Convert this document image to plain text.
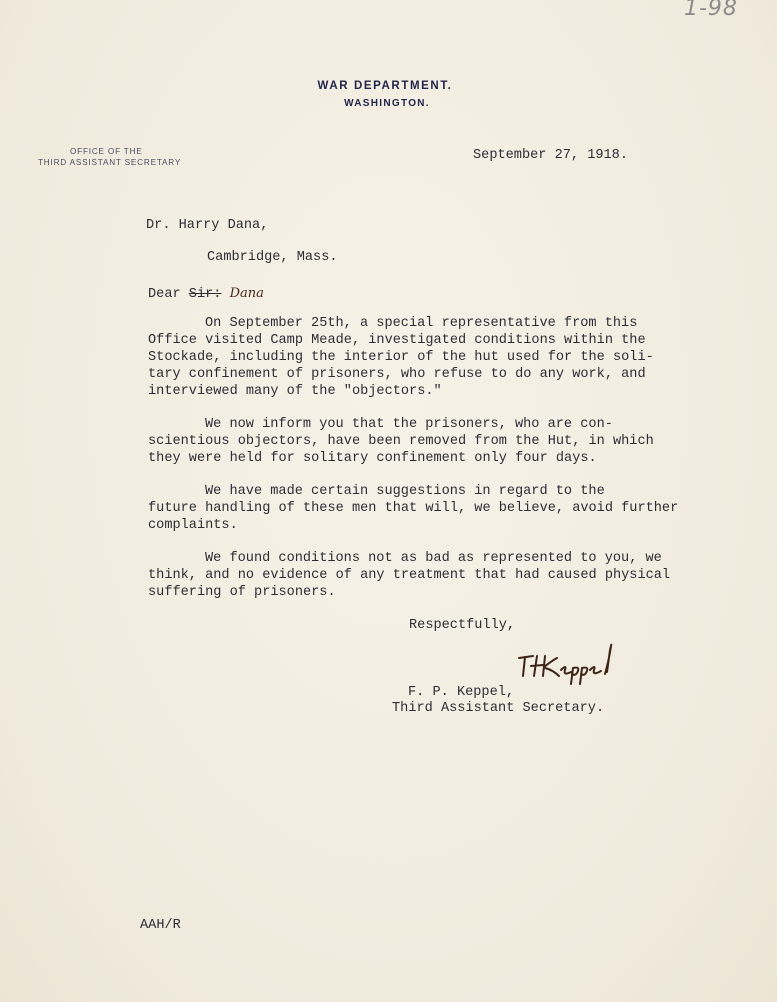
1-98
WAR DEPARTMENT.
WASHINGTON.
OFFICE OF THE
THIRD ASSISTANT SECRETARY	September 27, 1918.
Dr. Harry Dana,
Cambridge, Mass.
Dear Sir: Dana
On September 25th, a special representative from this
Office visited Camp Meade, investigated conditions within the
Stockade, including the interior of the hut used for the soli-
tary confinement of prisoners, who refuse to do any work, and
interviewed many of the "objectors."
We now inform you that the prisoners, who are con-
scientious objectors, have been removed from the Hut, in which
they were held for solitary confinement only four days.
We have made certain suggestions in regard to the
future handling of these men that will, we believe, avoid further
complaints.
We found conditions not as bad as represented to you, we
think, and no evidence of any treatment that had caused physical
suffering of prisoners.
Respectfully,
F. P. Keppel,
Third Assistant Secretary.
AAH/R
